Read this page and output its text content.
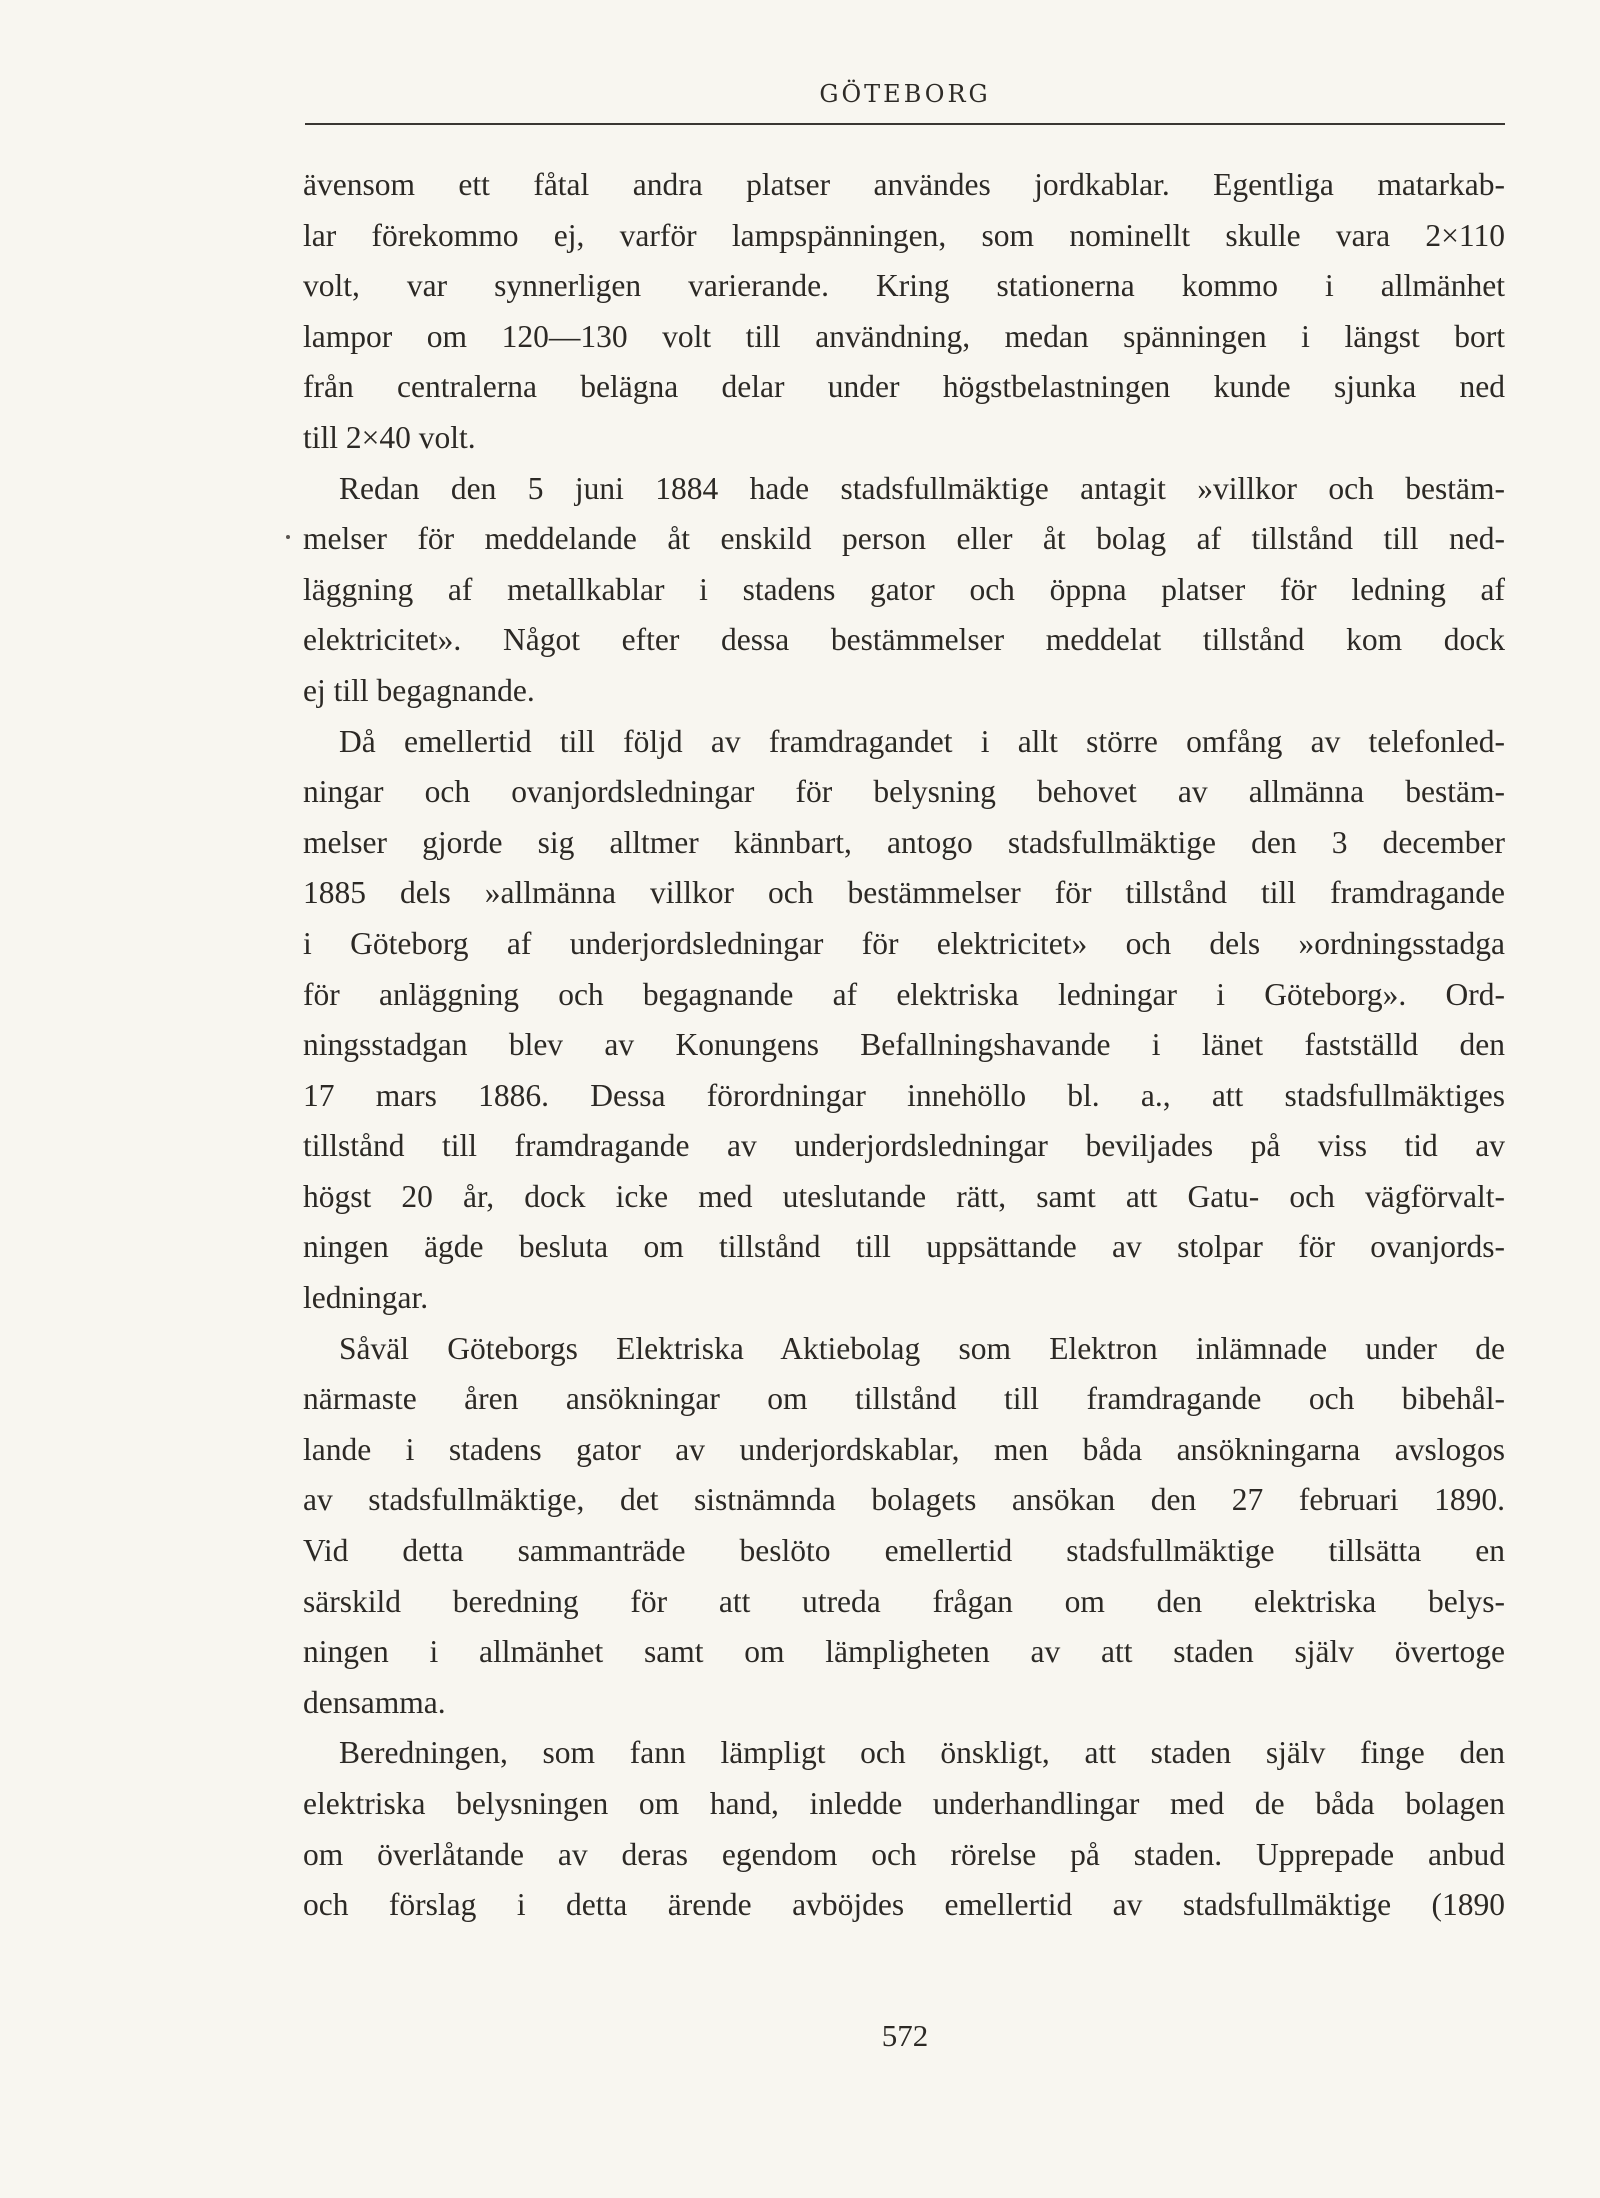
GÖTEBORG
ävensom ett fåtal andra platser användes jordkablar. Egentliga matarkab-
lar förekommo ej, varför lampspänningen, som nominellt skulle vara 2×110
volt, var synnerligen varierande. Kring stationerna kommo i allmänhet
lampor om 120—130 volt till användning, medan spänningen i längst bort
från centralerna belägna delar under högstbelastningen kunde sjunka ned
till 2×40 volt.
Redan den 5 juni 1884 hade stadsfullmäktige antagit »villkor och bestäm-
melser för meddelande åt enskild person eller åt bolag af tillstånd till ned-
läggning af metallkablar i stadens gator och öppna platser för ledning af
elektricitet». Något efter dessa bestämmelser meddelat tillstånd kom dock
ej till begagnande.
Då emellertid till följd av framdragandet i allt större omfång av telefonled-
ningar och ovanjordsledningar för belysning behovet av allmänna bestäm-
melser gjorde sig alltmer kännbart, antogo stadsfullmäktige den 3 december
1885 dels »allmänna villkor och bestämmelser för tillstånd till framdragande
i Göteborg af underjordsledningar för elektricitet» och dels »ordningsstadga
för anläggning och begagnande af elektriska ledningar i Göteborg». Ord-
ningsstadgan blev av Konungens Befallningshavande i länet fastställd den
17 mars 1886. Dessa förordningar innehöllo bl. a., att stadsfullmäktiges
tillstånd till framdragande av underjordsledningar beviljades på viss tid av
högst 20 år, dock icke med uteslutande rätt, samt att Gatu- och vägförvalt-
ningen ägde besluta om tillstånd till uppsättande av stolpar för ovanjords-
ledningar.
Såväl Göteborgs Elektriska Aktiebolag som Elektron inlämnade under de
närmaste åren ansökningar om tillstånd till framdragande och bibehål-
lande i stadens gator av underjordskablar, men båda ansökningarna avslogos
av stadsfullmäktige, det sistnämnda bolagets ansökan den 27 februari 1890.
Vid detta sammanträde beslöto emellertid stadsfullmäktige tillsätta en
särskild beredning för att utreda frågan om den elektriska belys-
ningen i allmänhet samt om lämpligheten av att staden själv övertoge
densamma.
Beredningen, som fann lämpligt och önskligt, att staden själv finge den
elektriska belysningen om hand, inledde underhandlingar med de båda bolagen
om överlåtande av deras egendom och rörelse på staden. Upprepade anbud
och förslag i detta ärende avböjdes emellertid av stadsfullmäktige (1890
572
